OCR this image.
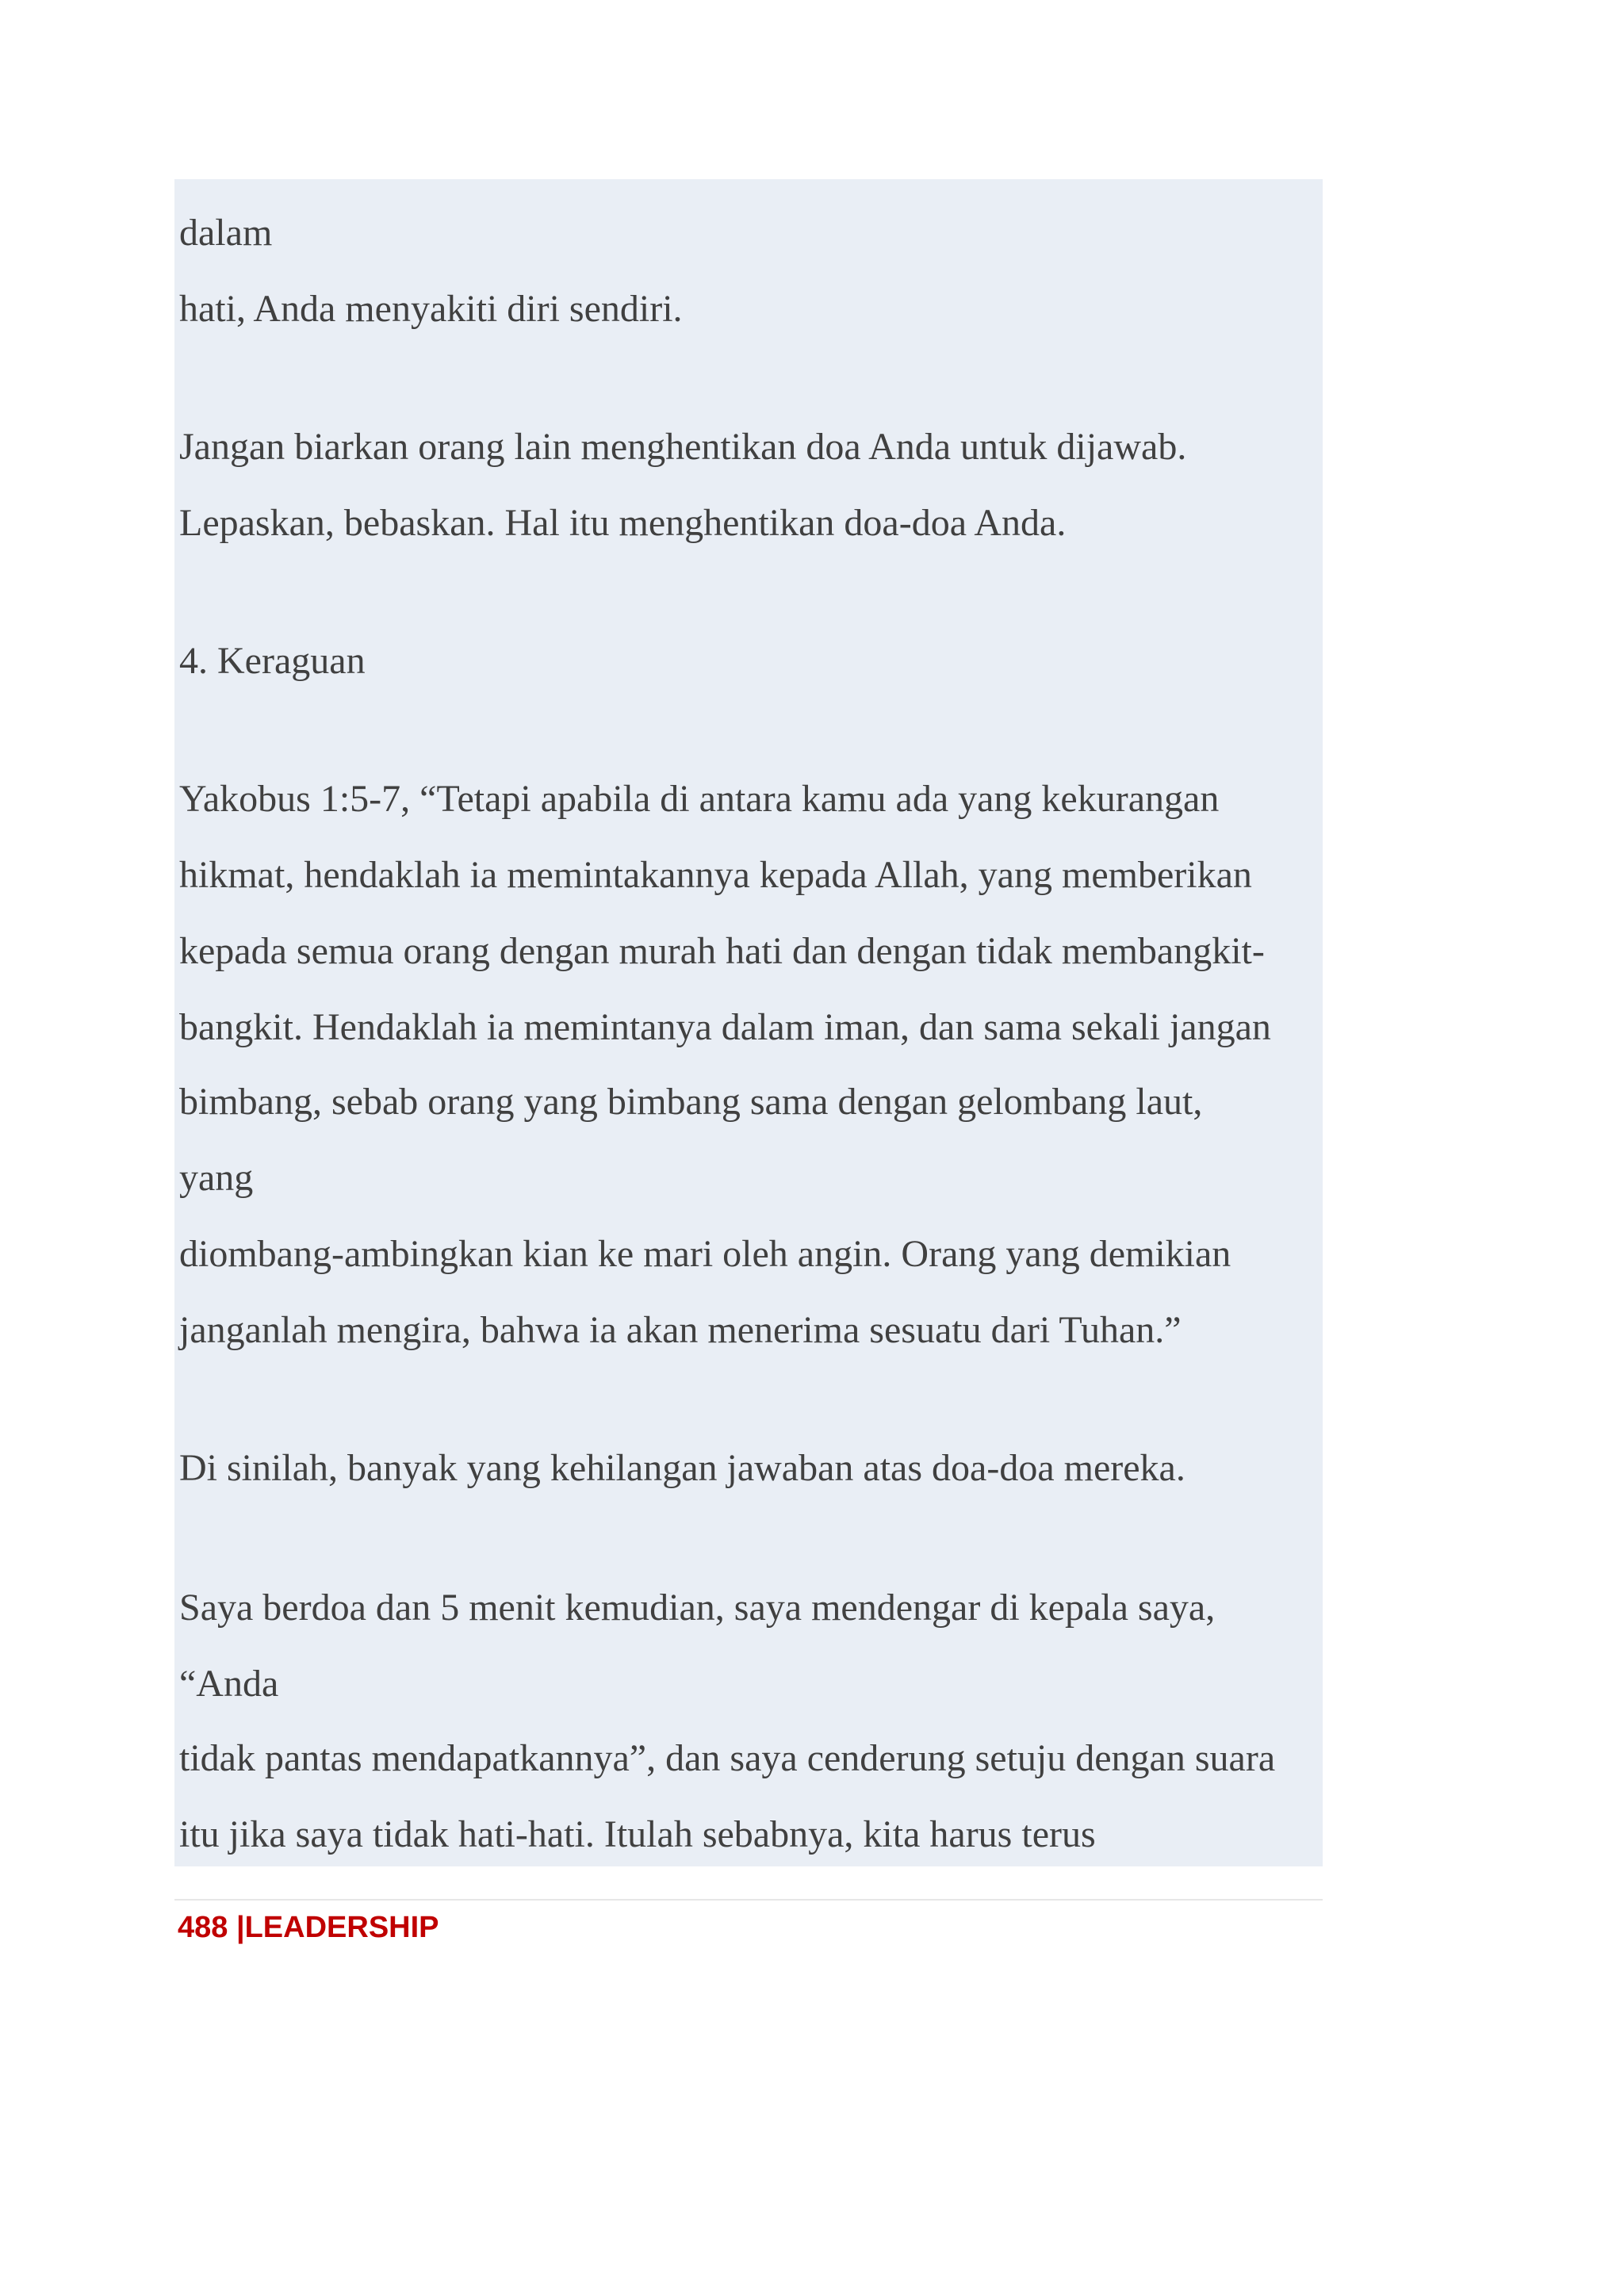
dalam
hati, Anda menyakiti diri sendiri.
Jangan biarkan orang lain menghentikan doa Anda untuk dijawab.
Lepaskan, bebaskan. Hal itu menghentikan doa-doa Anda.
4. Keraguan
Yakobus 1:5-7, “Tetapi apabila di antara kamu ada yang kekurangan
hikmat, hendaklah ia memintakannya kepada Allah, yang memberikan
kepada semua orang dengan murah hati dan dengan tidak membangkit-
bangkit. Hendaklah ia memintanya dalam iman, dan sama sekali jangan
bimbang, sebab orang yang bimbang sama dengan gelombang laut,
yang
diombang-ambingkan kian ke mari oleh angin. Orang yang demikian
janganlah mengira, bahwa ia akan menerima sesuatu dari Tuhan.”
Di sinilah, banyak yang kehilangan jawaban atas doa-doa mereka.
Saya berdoa dan 5 menit kemudian, saya mendengar di kepala saya,
“Anda
tidak pantas mendapatkannya”, dan saya cenderung setuju dengan suara
itu jika saya tidak hati-hati. Itulah sebabnya, kita harus terus
488 |LEADERSHIP
